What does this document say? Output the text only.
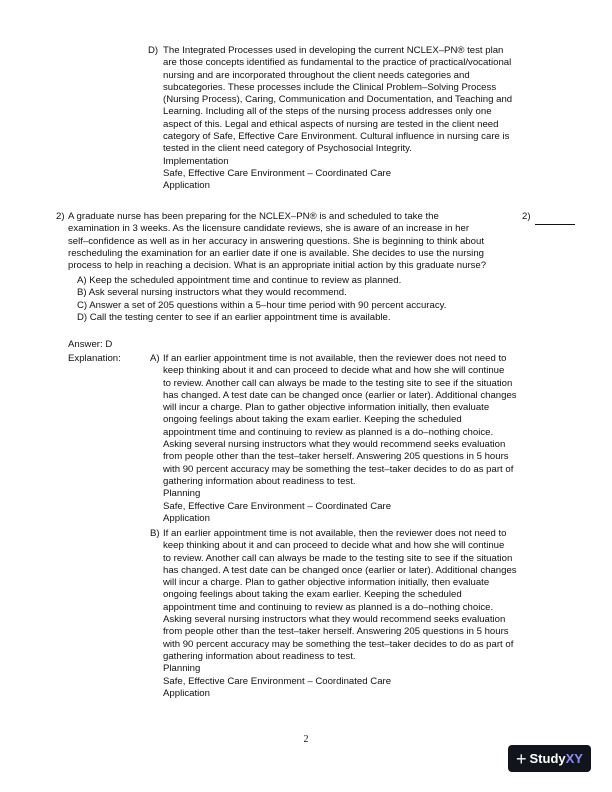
D) The Integrated Processes used in developing the current NCLEX–PN® test plan
are those concepts identified as fundamental to the practice of practical/vocational
nursing and are incorporated throughout the client needs categories and
subcategories. These processes include the Clinical Problem–Solving Process
(Nursing Process), Caring, Communication and Documentation, and Teaching and
Learning. Including all of the steps of the nursing process addresses only one
aspect of this. Legal and ethical aspects of nursing are tested in the client need
category of Safe, Effective Care Environment. Cultural influence in nursing care is
tested in the client need category of Psychosocial Integrity.
Implementation
Safe, Effective Care Environment – Coordinated Care
Application
2) A graduate nurse has been preparing for the NCLEX–PN® is and scheduled to take the
examination in 3 weeks. As the licensure candidate reviews, she is aware of an increase in her
self–confidence as well as in her accuracy in answering questions. She is beginning to think about
rescheduling the examination for an earlier date if one is available. She decides to use the nursing
process to help in reaching a decision. What is an appropriate initial action by this graduate nurse?
2)
A) Keep the scheduled appointment time and continue to review as planned.
B) Ask several nursing instructors what they would recommend.
C) Answer a set of 205 questions within a 5–hour time period with 90 percent accuracy.
D) Call the testing center to see if an earlier appointment time is available.
Answer: D
Explanation:	A) If an earlier appointment time is not available, then the reviewer does not need to
keep thinking about it and can proceed to decide what and how she will continue
to review. Another call can always be made to the testing site to see if the situation
has changed. A test date can be changed once (earlier or later). Additional changes
will incur a charge. Plan to gather objective information initially, then evaluate
ongoing feelings about taking the exam earlier. Keeping the scheduled
appointment time and continuing to review as planned is a do–nothing choice.
Asking several nursing instructors what they would recommend seeks evaluation
from people other than the test–taker herself. Answering 205 questions in 5 hours
with 90 percent accuracy may be something the test–taker decides to do as part of
gathering information about readiness to test.
Planning
Safe, Effective Care Environment – Coordinated Care
Application
B) If an earlier appointment time is not available, then the reviewer does not need to
keep thinking about it and can proceed to decide what and how she will continue
to review. Another call can always be made to the testing site to see if the situation
has changed. A test date can be changed once (earlier or later). Additional changes
will incur a charge. Plan to gather objective information initially, then evaluate
ongoing feelings about taking the exam earlier. Keeping the scheduled
appointment time and continuing to review as planned is a do–nothing choice.
Asking several nursing instructors what they would recommend seeks evaluation
from people other than the test–taker herself. Answering 205 questions in 5 hours
with 90 percent accuracy may be something the test–taker decides to do as part of
gathering information about readiness to test.
Planning
Safe, Effective Care Environment – Coordinated Care
Application
2
+ StudyXY
